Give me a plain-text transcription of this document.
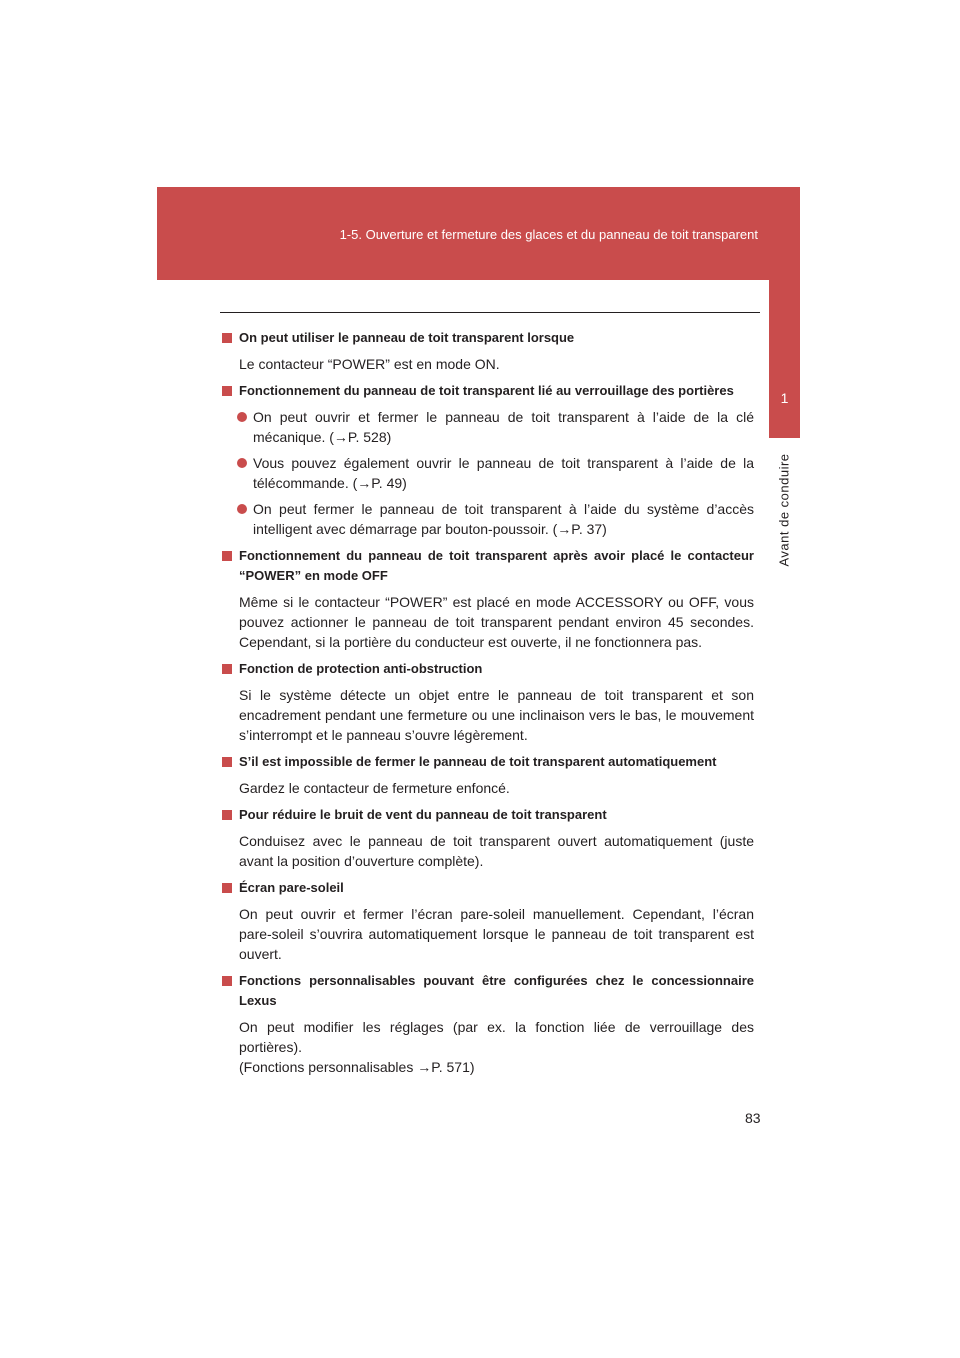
1-5. Ouverture et fermeture des glaces et du panneau de toit transparent
1
Avant de conduire
On peut utiliser le panneau de toit transparent lorsque
Le contacteur “POWER” est en mode ON.
Fonctionnement du panneau de toit transparent lié au verrouillage des portières
On peut ouvrir et fermer le panneau de toit transparent à l’aide de la clé mécanique. (→P. 528)
Vous pouvez également ouvrir le panneau de toit transparent à l’aide de la télécommande. (→P. 49)
On peut fermer le panneau de toit transparent à l’aide du système d’accès intelligent avec démarrage par bouton-poussoir. (→P. 37)
Fonctionnement du panneau de toit transparent après avoir placé le contacteur “POWER” en mode OFF
Même si le contacteur “POWER” est placé en mode ACCESSORY ou OFF, vous pouvez actionner le panneau de toit transparent pendant environ 45 secondes. Cependant, si la portière du conducteur est ouverte, il ne fonctionnera pas.
Fonction de protection anti-obstruction
Si le système détecte un objet entre le panneau de toit transparent et son encadrement pendant une fermeture ou une inclinaison vers le bas, le mouvement s’interrompt et le panneau s’ouvre légèrement.
S’il est impossible de fermer le panneau de toit transparent automatiquement
Gardez le contacteur de fermeture enfoncé.
Pour réduire le bruit de vent du panneau de toit transparent
Conduisez avec le panneau de toit transparent ouvert automatiquement (juste avant la position d’ouverture complète).
Écran pare-soleil
On peut ouvrir et fermer l’écran pare-soleil manuellement. Cependant, l’écran pare-soleil s’ouvrira automatiquement lorsque le panneau de toit transparent est ouvert.
Fonctions personnalisables pouvant être configurées chez le concessionnaire Lexus
On peut modifier les réglages (par ex. la fonction liée de verrouillage des portières).
(Fonctions personnalisables →P. 571)
83
